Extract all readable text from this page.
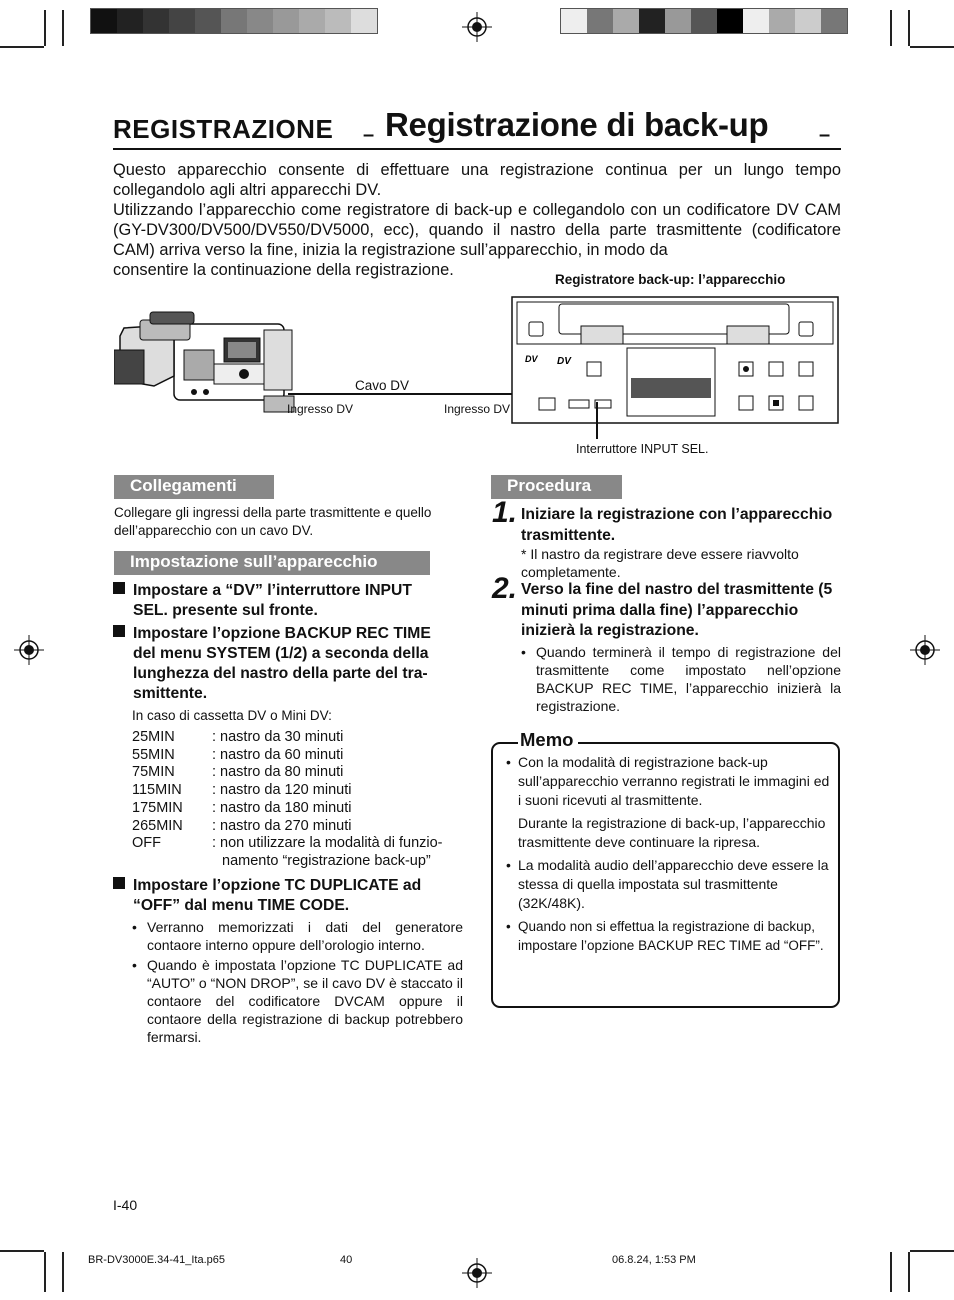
REGISTRAZIONE – Registrazione di back-up	–

Questo apparecchio consente di effettuare una registrazione continua per un lungo tempo collegandolo agli altri apparecchi DV.

Utilizzando l’apparecchio come registratore di back-up e collegandolo con un codificatore DV CAM (GY-DV300/DV500/DV550/DV5000, ecc), quando il nastro della parte trasmittente (codificatore CAM) arriva verso la fine, inizia la registrazione sull’apparecchio, in modo da

consentire la continuazione della registrazione.

Registratore back-up: l’apparecchio
Cavo DV
Ingresso DV	Ingresso DV
DV DV
Interruttore INPUT SEL.
Collegamenti
Collegare gli ingressi della parte trasmittente e quello dell’apparecchio con un cavo DV.
Impostazione sull’apparecchio
Impostare a “DV” l’interruttore INPUT
SEL. presente sul fronte.
Impostare l’opzione BACKUP REC TIME
del menu SYSTEM (1/2) a seconda della
lunghezza del nastro della parte del tra-
smittente.
In caso di cassetta DV o Mini DV:
25MIN	: nastro da 30 minuti
55MIN	: nastro da 60 minuti
75MIN	: nastro da 80 minuti
115MIN	: nastro da 120 minuti
175MIN	: nastro da 180 minuti
265MIN	: nastro da 270 minuti
OFF	: non utilizzare la modalità di funzio-
namento “registrazione back-up”
Impostare l’opzione TC DUPLICATE ad
“OFF” dal menu TIME CODE.
• Verranno memorizzati i dati del generatore contaore interno oppure dell’orologio interno.
• Quando è impostata l’opzione TC DUPLICATE ad “AUTO” o “NON DROP”, se il cavo DV è staccato il contaore del codificatore DVCAM oppure il contaore della registrazione di backup potrebbero fermarsi.
Procedura
1. Iniziare la registrazione con l’apparecchio trasmittente.
* Il nastro da registrare deve essere riavvolto completamente.
2. Verso la fine del nastro del trasmittente (5 minuti prima dalla fine) l’apparecchio inizierà la registrazione.
• Quando terminerà il tempo di registrazione del trasmittente come impostato nell’opzione BACKUP REC TIME, l’apparecchio inizierà la registrazione.
Memo
• Con la modalità di registrazione back-up sull’apparecchio verranno registrati le immagini ed i suoni ricevuti al trasmittente.
Durante la registrazione di back-up, l’apparecchio trasmittente deve continuare la ripresa.
• La modalità audio dell’apparecchio deve essere la stessa di quella impostata sul trasmittente (32K/48K).
• Quando non si effettua la registrazione di backup, impostare l’opzione BACKUP REC TIME ad “OFF”.
I-40
BR-DV3000E.34-41_Ita.p65	40	06.8.24, 1:53 PM
